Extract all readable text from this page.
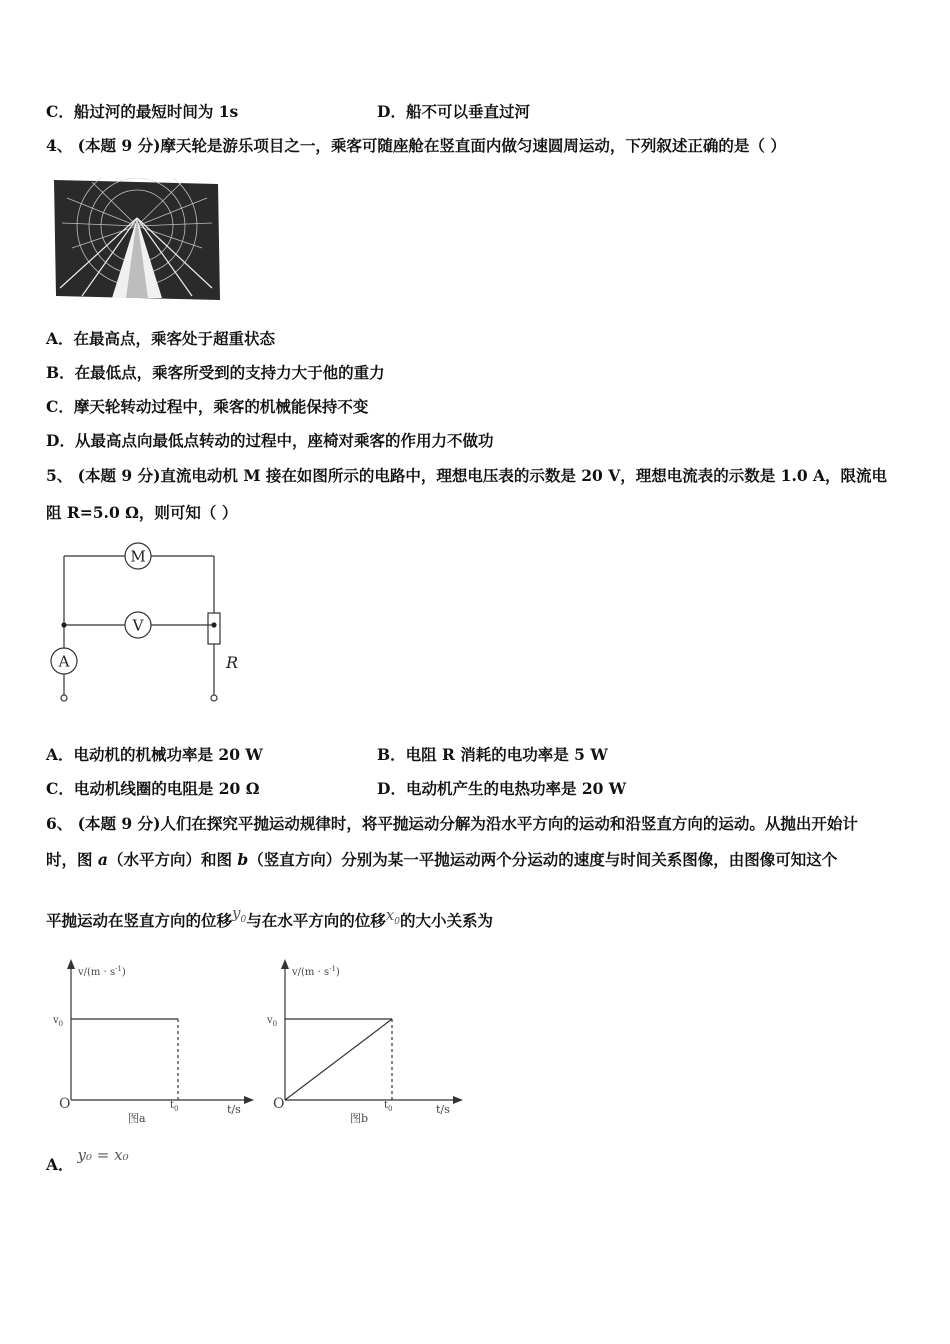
C．船过河的最短时间为 1s	D．船不可以垂直过河
4、 (本题 9 分)摩天轮是游乐项目之一，乘客可随座舱在竖直面内做匀速圆周运动，下列叙述正确的是（ ）
A．在最高点，乘客处于超重状态
B．在最低点，乘客所受到的支持力大于他的重力
C．摩天轮转动过程中，乘客的机械能保持不变
D．从最高点向最低点转动的过程中，座椅对乘客的作用力不做功
5、 (本题 9 分)直流电动机 M 接在如图所示的电路中，理想电压表的示数是 20 V，理想电流表的示数是 1.0 A，限流电
阻 R=5.0 Ω，则可知（ ）
M
V
A	R
A．电动机的机械功率是 20 W	B．电阻 R 消耗的电功率是 5 W
C．电动机线圈的电阻是 20 Ω	D．电动机产生的电热功率是 20 W
6、 (本题 9 分)人们在探究平抛运动规律时，将平抛运动分解为沿水平方向的运动和沿竖直方向的运动。从抛出开始计
时，图 a（水平方向）和图 b（竖直方向）分别为某一平抛运动两个分运动的速度与时间关系图像，由图像可知这个
平抛运动在竖直方向的位移$y_0$与在水平方向的位移$x_0$的大小关系为
$v/(m \cdot s^{-1})$
$v_0$
O	$t_0$	t/s
图a
$v/(m \cdot s^{-1})$
$v_0$
O	$t_0$	t/s
图b
A． y₀ = x₀
